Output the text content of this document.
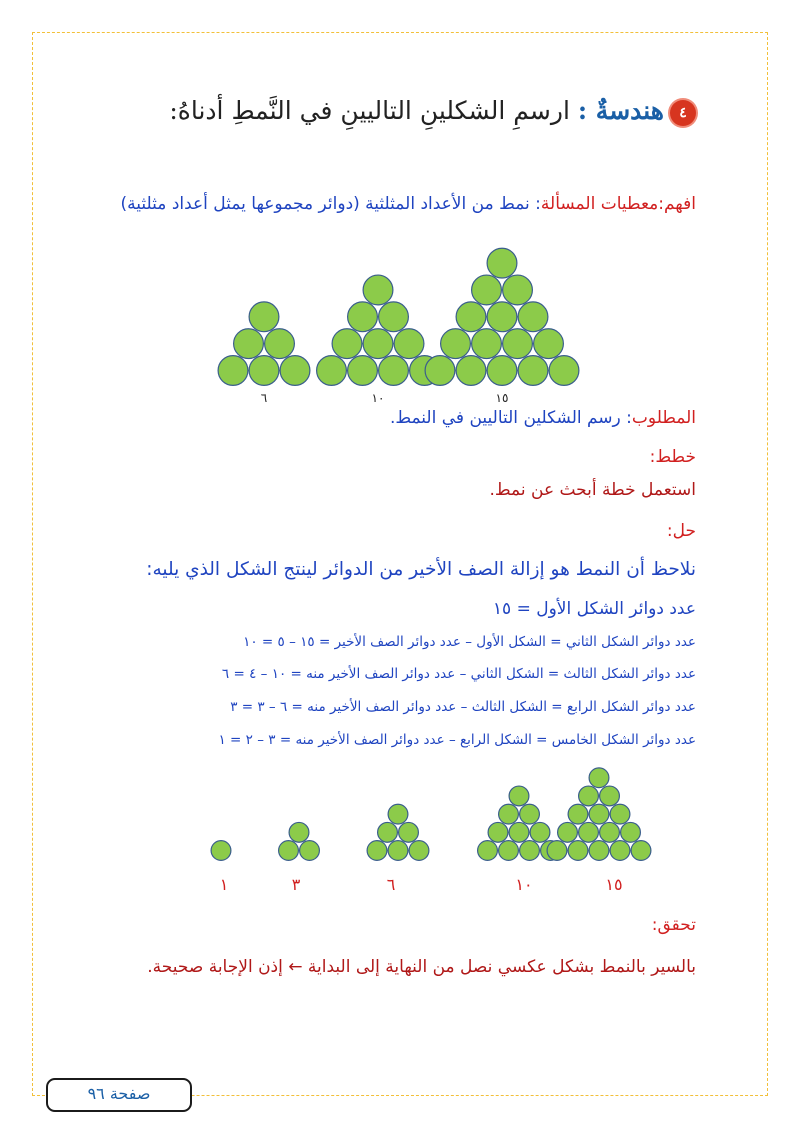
٤هندسةٌ : ارسمِ الشكلينِ التاليينِ في النَّمطِ أدناهُ:
افهم:معطيات المسألة: نمط من الأعداد المثلثية (دوائر مجموعها يمثل أعداد مثلثية)
٦	١٠	١٥
١	٣	٦	١٠	١٥
المطلوب: رسم الشكلين التاليين في النمط.
خطط:
استعمل خطة أبحث عن نمط.
حل:
نلاحظ أن النمط هو إزالة الصف الأخير من الدوائر لينتج الشكل الذي يليه:
عدد دوائر الشكل الأول = ١٥
عدد دوائر الشكل الثاني = الشكل الأول – عدد دوائر الصف الأخير = ١٥ – ٥ = ١٠
عدد دوائر الشكل الثالث = الشكل الثاني – عدد دوائر الصف الأخير منه = ١٠ – ٤ = ٦
عدد دوائر الشكل الرابع = الشكل الثالث – عدد دوائر الصف الأخير منه = ٦ – ٣ = ٣
عدد دوائر الشكل الخامس = الشكل الرابع – عدد دوائر الصف الأخير منه = ٣ – ٢ = ١
تحقق:
بالسير بالنمط بشكل عكسي نصل من النهاية إلى البداية ← إذن الإجابة صحيحة.
صفحة ٩٦
